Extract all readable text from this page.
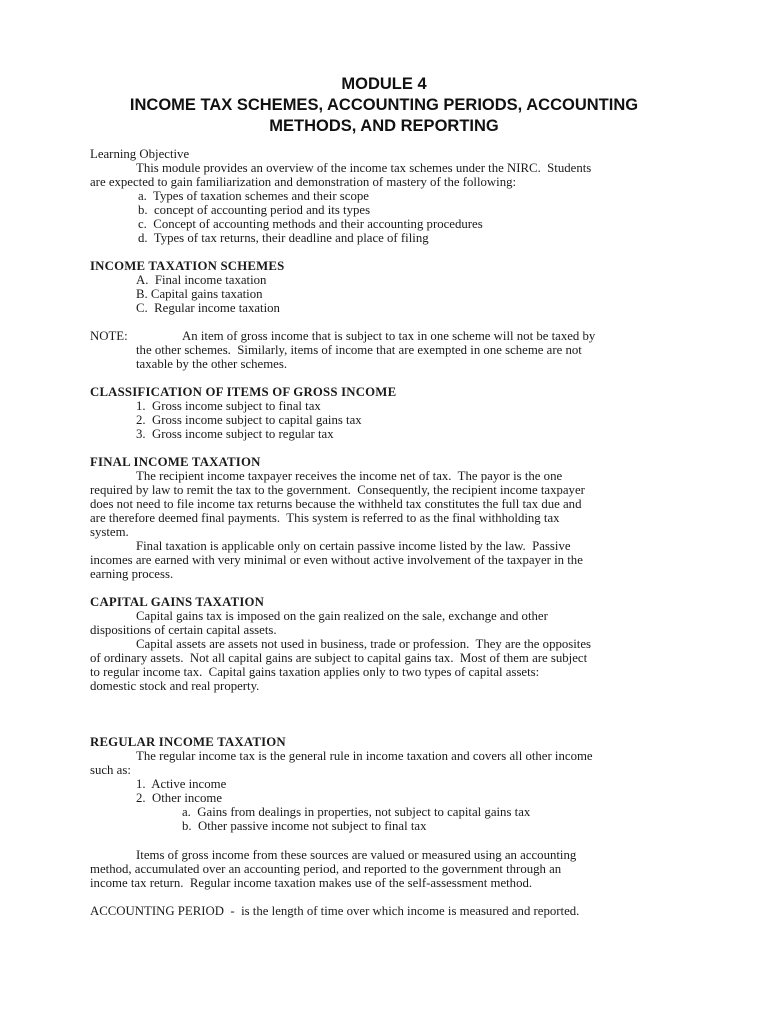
MODULE 4
INCOME TAX SCHEMES, ACCOUNTING PERIODS, ACCOUNTING
METHODS, AND REPORTING
Learning Objective
This module provides an overview of the income tax schemes under the NIRC.  Students
are expected to gain familiarization and demonstration of mastery of the following:
a.  Types of taxation schemes and their scope
b.  concept of accounting period and its types
c.  Concept of accounting methods and their accounting procedures
d.  Types of tax returns, their deadline and place of filing
INCOME TAXATION SCHEMES
A.  Final income taxation
B. Capital gains taxation
C.  Regular income taxation
NOTE:	An item of gross income that is subject to tax in one scheme will not be taxed by
the other schemes.  Similarly, items of income that are exempted in one scheme are not
taxable by the other schemes.
CLASSIFICATION OF ITEMS OF GROSS INCOME
1.  Gross income subject to final tax
2.  Gross income subject to capital gains tax
3.  Gross income subject to regular tax
FINAL INCOME TAXATION
The recipient income taxpayer receives the income net of tax.  The payor is the one
required by law to remit the tax to the government.  Consequently, the recipient income taxpayer
does not need to file income tax returns because the withheld tax constitutes the full tax due and
are therefore deemed final payments.  This system is referred to as the final withholding tax
system.
Final taxation is applicable only on certain passive income listed by the law.  Passive
incomes are earned with very minimal or even without active involvement of the taxpayer in the
earning process.
CAPITAL GAINS TAXATION
Capital gains tax is imposed on the gain realized on the sale, exchange and other
dispositions of certain capital assets.
Capital assets are assets not used in business, trade or profession.  They are the opposites
of ordinary assets.  Not all capital gains are subject to capital gains tax.  Most of them are subject
to regular income tax.  Capital gains taxation applies only to two types of capital assets:
domestic stock and real property.
REGULAR INCOME TAXATION
The regular income tax is the general rule in income taxation and covers all other income
such as:
1.  Active income
2.  Other income
a.  Gains from dealings in properties, not subject to capital gains tax
b.  Other passive income not subject to final tax
Items of gross income from these sources are valued or measured using an accounting
method, accumulated over an accounting period, and reported to the government through an
income tax return.  Regular income taxation makes use of the self-assessment method.
ACCOUNTING PERIOD  -  is the length of time over which income is measured and reported.
